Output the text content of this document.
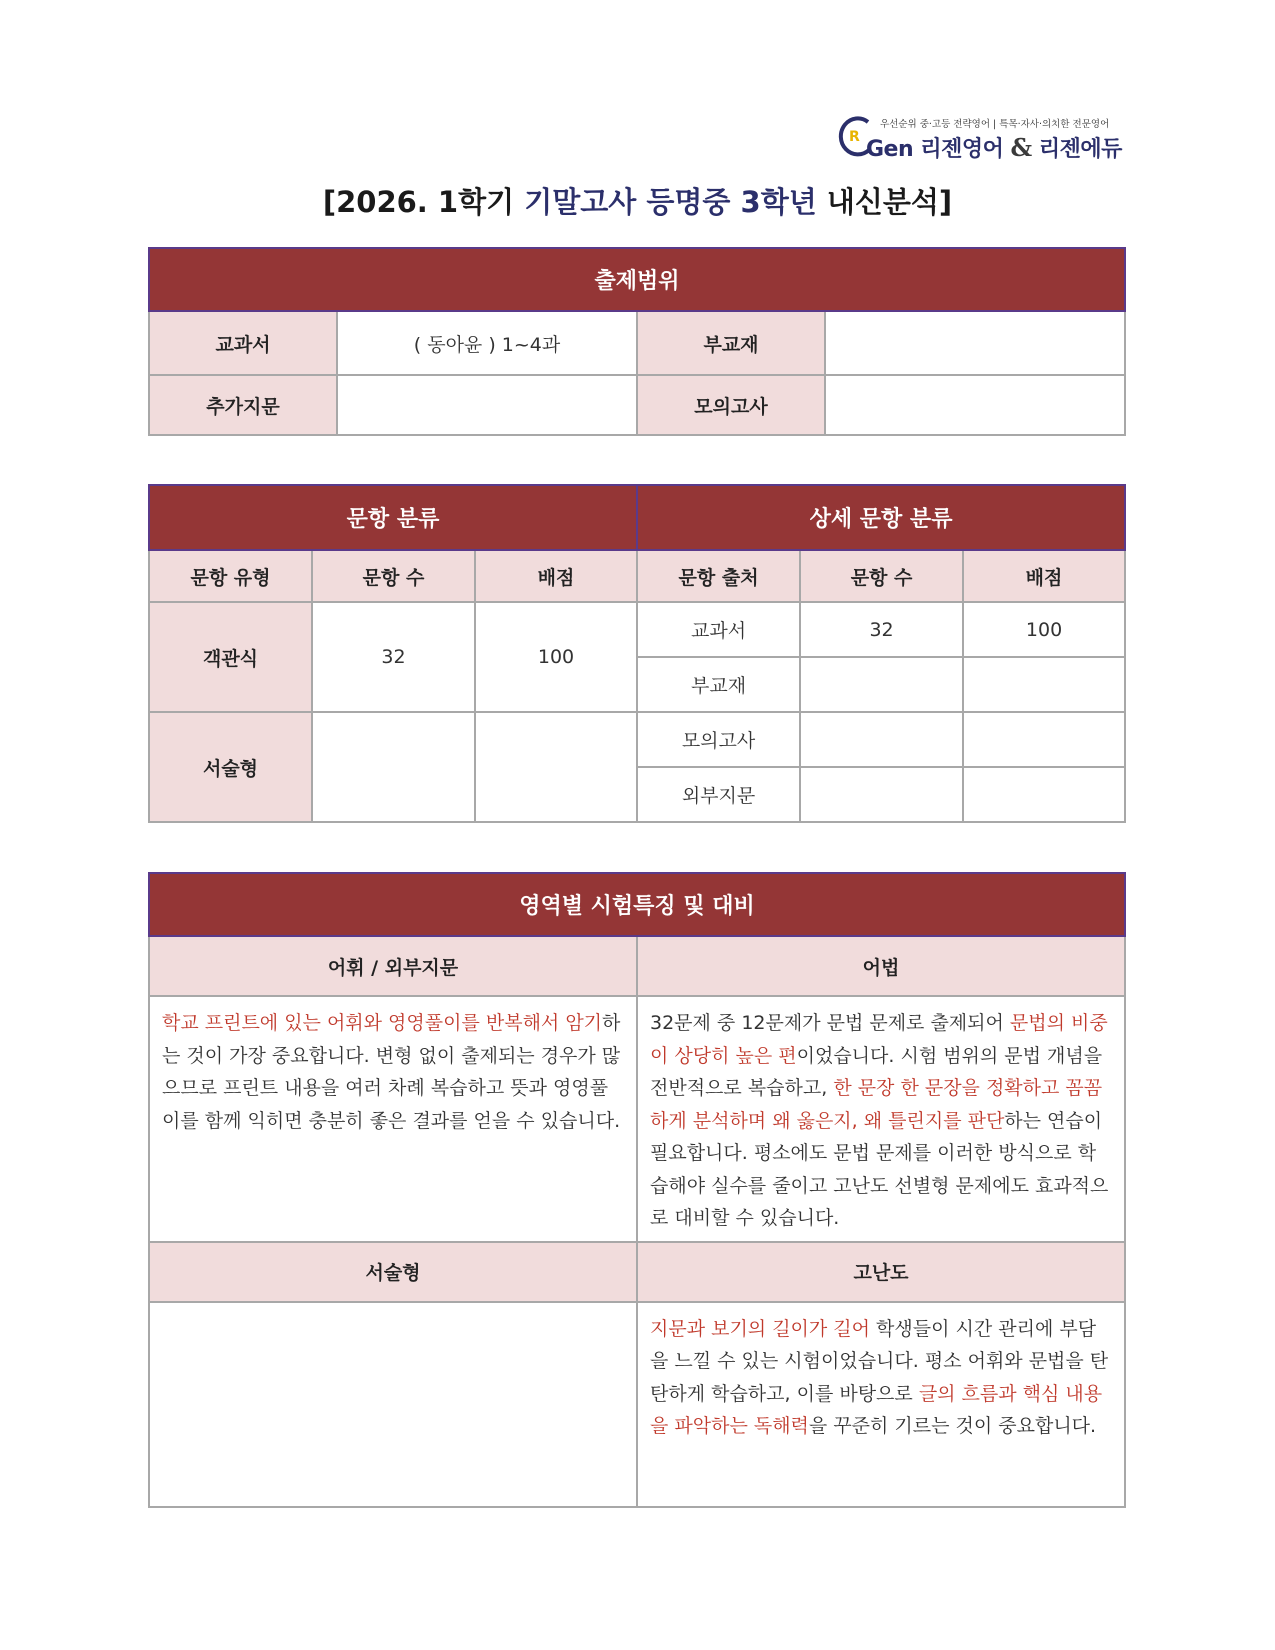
R
우선순위 중·고등 전략영어 | 특목·자사·의치한 전문영어
Gen 리젠영어 & 리젠에듀
[2026. 1학기 기말고사 등명중 3학년 내신분석]
출제범위			
교과서	( 동아윤 ) 1~4과	부교재	
추가지문		모의고사	
문항 분류			상세 문항 분류		
문항 유형	문항 수	배점	문항 출처	문항 수	배점
객관식	32	100	교과서	32	100
			부교재		
서술형			모의고사		
			외부지문		
영역별 시험특징 및 대비	
어휘 / 외부지문	어법
학교 프린트에 있는 어휘와 영영풀이를 반복해서 암기하는 것이 가장 중요합니다. 변형 없이 출제되는 경우가 많으므로 프린트 내용을 여러 차례 복습하고 뜻과 영영풀이를 함께 익히면 충분히 좋은 결과를 얻을 수 있습니다.	32문제 중 12문제가 문법 문제로 출제되어 문법의 비중이 상당히 높은 편이었습니다. 시험 범위의 문법 개념을 전반적으로 복습하고, 한 문장 한 문장을 정확하고 꼼꼼하게 분석하며 왜 옳은지, 왜 틀린지를 판단하는 연습이 필요합니다. 평소에도 문법 문제를 이러한 방식으로 학습해야 실수를 줄이고 고난도 선별형 문제에도 효과적으로 대비할 수 있습니다.
서술형	고난도
	지문과 보기의 길이가 길어 학생들이 시간 관리에 부담을 느낄 수 있는 시험이었습니다. 평소 어휘와 문법을 탄탄하게 학습하고, 이를 바탕으로 글의 흐름과 핵심 내용을 파악하는 독해력을 꾸준히 기르는 것이 중요합니다.
